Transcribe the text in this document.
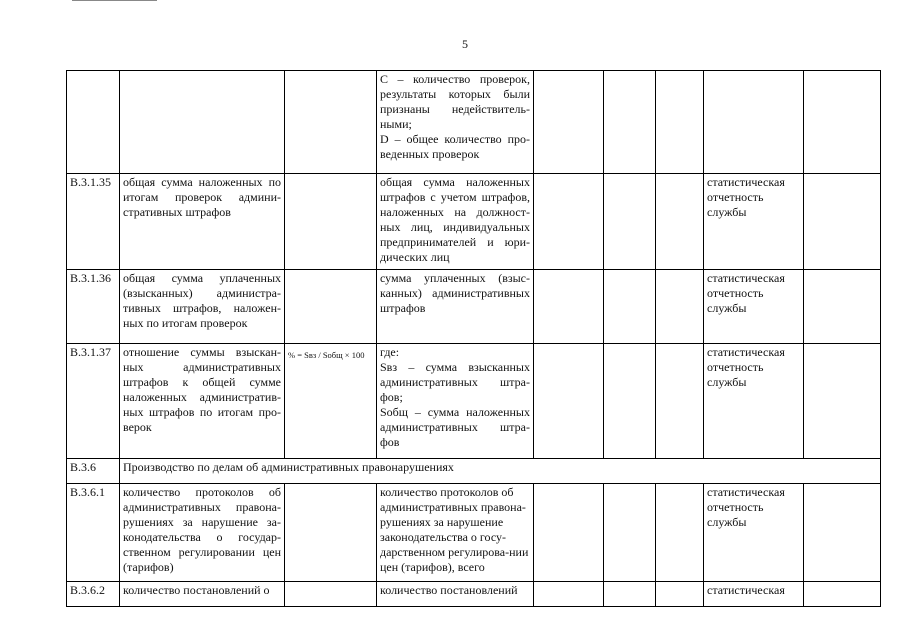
5

			C – количество проверок, результаты которых были признаны недействитель-ными;
D – общее количество про-веденных проверок					

B.3.1.35	общая сумма наложенных по итогам проверок админи-стративных штрафов		общая сумма наложенных штрафов с учетом штрафов, наложенных на должност-ных лиц, индивидуальных предпринимателей и юри-дических лиц				статистическая отчетность службы	
B.3.1.36	общая сумма уплаченных (взысканных) администра-тивных штрафов, наложен-ных по итогам проверок		сумма уплаченных (взыс-канных) административных штрафов				статистическая отчетность службы	
B.3.1.37	отношение суммы взыскан-ных административных штрафов к общей сумме наложенных административ-ных штрафов по итогам про-верок	% = Sвз / Sобщ × 100	где:
Sвз – сумма взысканных административных штра-фов;
Sобщ – сумма наложенных административных штра-фов				статистическая отчетность службы	
B.3.6	Производство по делам об административных правонарушениях							
B.3.6.1	количество протоколов об административных правона-рушениях за нарушение за-конодательства о государ-ственном регулировании цен (тарифов)		количество протоколов об административных правона-рушениях за нарушение законодательства о госу-дарственном регулирова-нии цен (тарифов), всего				статистическая отчетность службы	
B.3.6.2	количество постановлений о		количество постановлений				статистическая	
